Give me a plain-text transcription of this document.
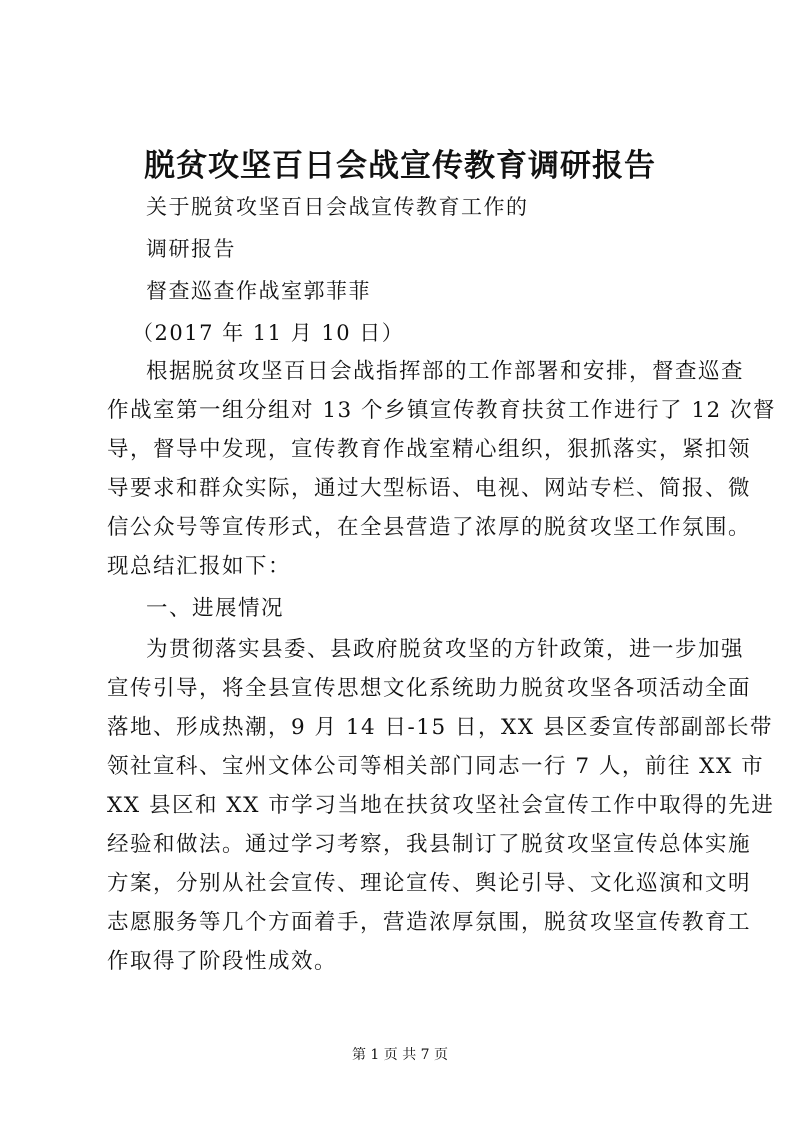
脱贫攻坚百日会战宣传教育调研报告
关于脱贫攻坚百日会战宣传教育工作的
调研报告
督查巡查作战室郭菲菲
（2017 年 11 月 10 日）
根据脱贫攻坚百日会战指挥部的工作部署和安排，督查巡查
作战室第一组分组对 13 个乡镇宣传教育扶贫工作进行了 12 次督
导，督导中发现，宣传教育作战室精心组织，狠抓落实，紧扣领
导要求和群众实际，通过大型标语、电视、网站专栏、简报、微
信公众号等宣传形式，在全县营造了浓厚的脱贫攻坚工作氛围。
现总结汇报如下：
一、进展情况
为贯彻落实县委、县政府脱贫攻坚的方针政策，进一步加强
宣传引导，将全县宣传思想文化系统助力脱贫攻坚各项活动全面
落地、形成热潮，9 月 14 日-15 日，XX 县区委宣传部副部长带
领社宣科、宝州文体公司等相关部门同志一行 7 人，前往 XX 市
XX 县区和 XX 市学习当地在扶贫攻坚社会宣传工作中取得的先进
经验和做法。通过学习考察，我县制订了脱贫攻坚宣传总体实施
方案，分别从社会宣传、理论宣传、舆论引导、文化巡演和文明
志愿服务等几个方面着手，营造浓厚氛围，脱贫攻坚宣传教育工
作取得了阶段性成效。
第 1 页 共 7 页
